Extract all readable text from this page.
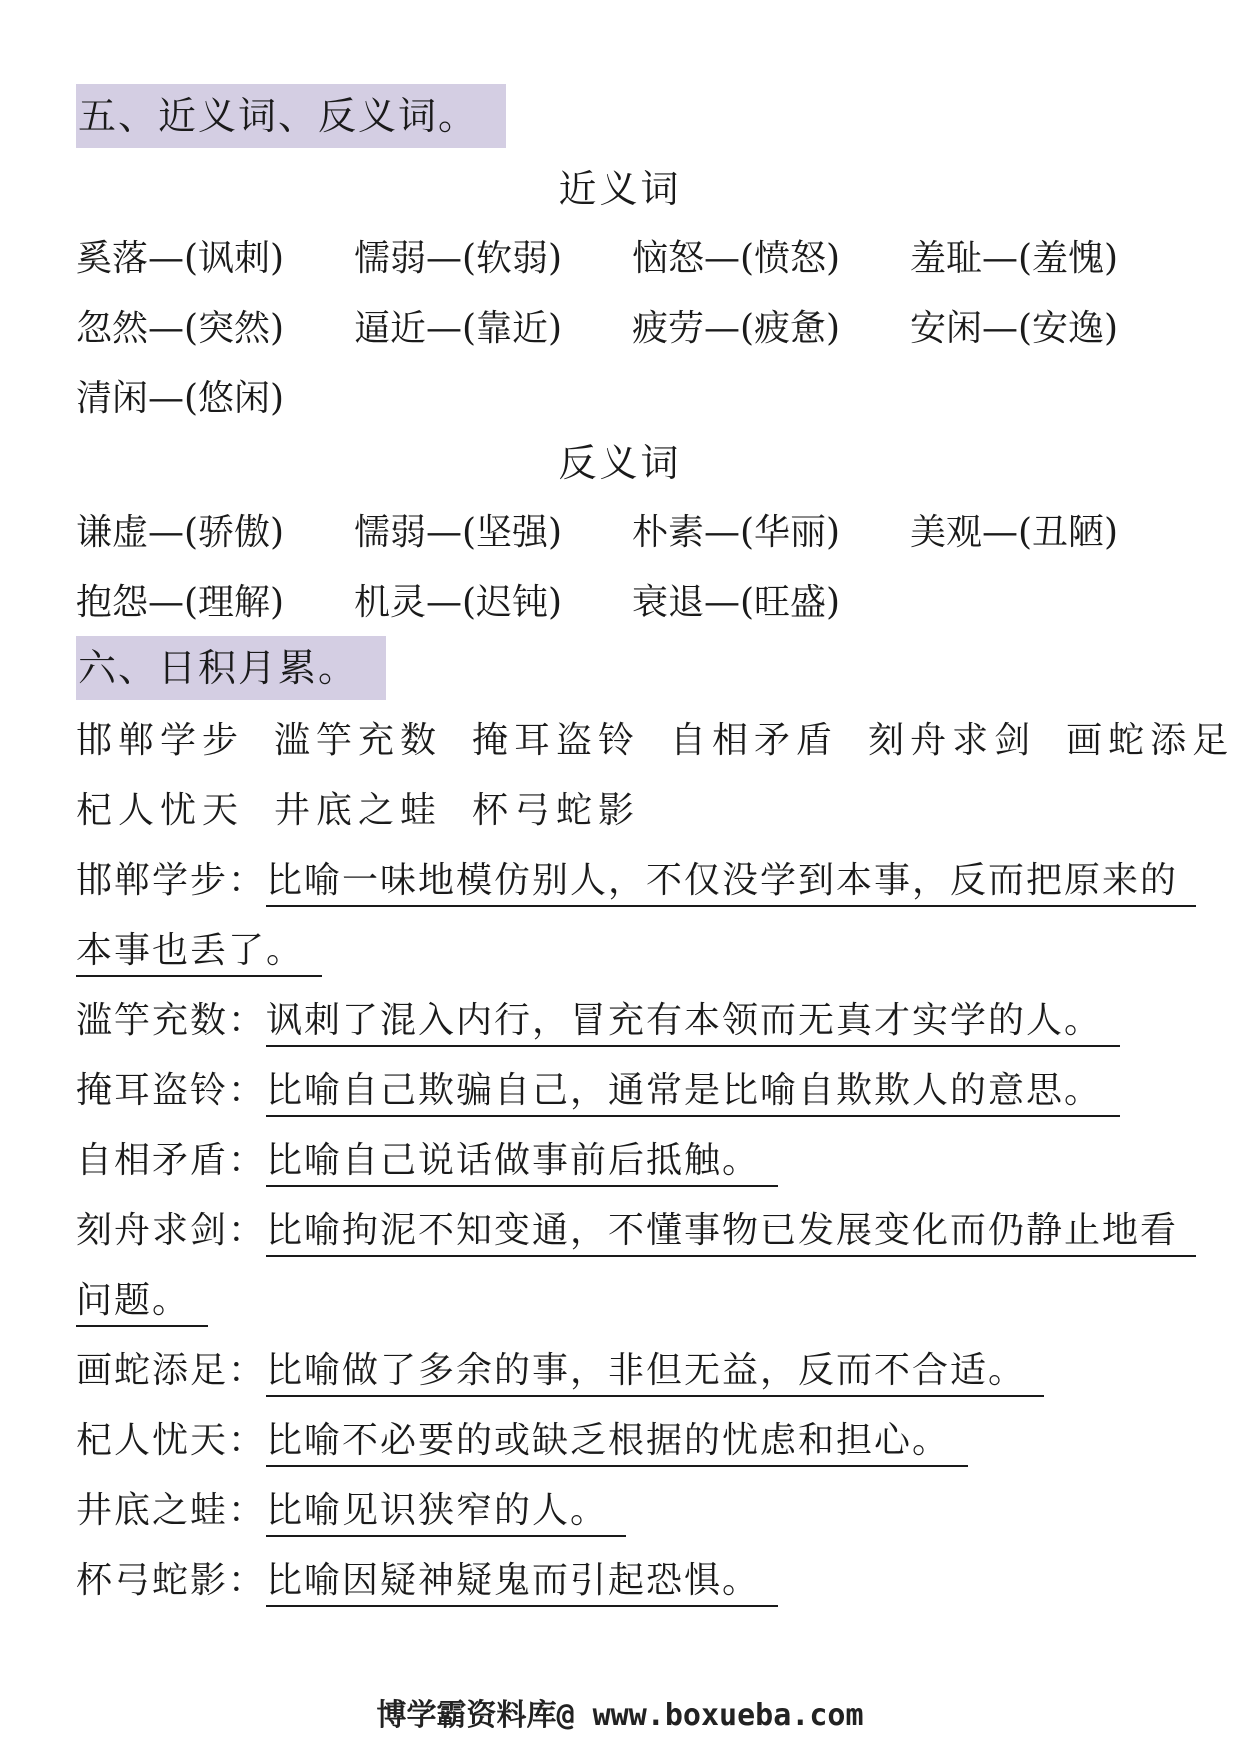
五、近义词、反义词。
近义词
奚落—(讽刺) 懦弱—(软弱) 恼怒—(愤怒) 羞耻—(羞愧)
忽然—(突然) 逼近—(靠近) 疲劳—(疲惫) 安闲—(安逸)
清闲—(悠闲)
反义词
谦虚—(骄傲) 懦弱—(坚强) 朴素—(华丽) 美观—(丑陋)
抱怨—(理解) 机灵—(迟钝) 衰退—(旺盛)
六、日积月累。
邯郸学步 滥竽充数 掩耳盗铃 自相矛盾 刻舟求剑 画蛇添足
杞人忧天 井底之蛙 杯弓蛇影
邯郸学步：比喻一味地模仿别人，不仅没学到本事，反而把原来的
本事也丢了。
滥竽充数：讽刺了混入内行，冒充有本领而无真才实学的人。
掩耳盗铃：比喻自己欺骗自己，通常是比喻自欺欺人的意思。
自相矛盾：比喻自己说话做事前后抵触。
刻舟求剑：比喻拘泥不知变通，不懂事物已发展变化而仍静止地看
问题。
画蛇添足：比喻做了多余的事，非但无益，反而不合适。
杞人忧天：比喻不必要的或缺乏根据的忧虑和担心。
井底之蛙：比喻见识狭窄的人。
杯弓蛇影：比喻因疑神疑鬼而引起恐惧。
博学霸资料库@ www.boxueba.com
